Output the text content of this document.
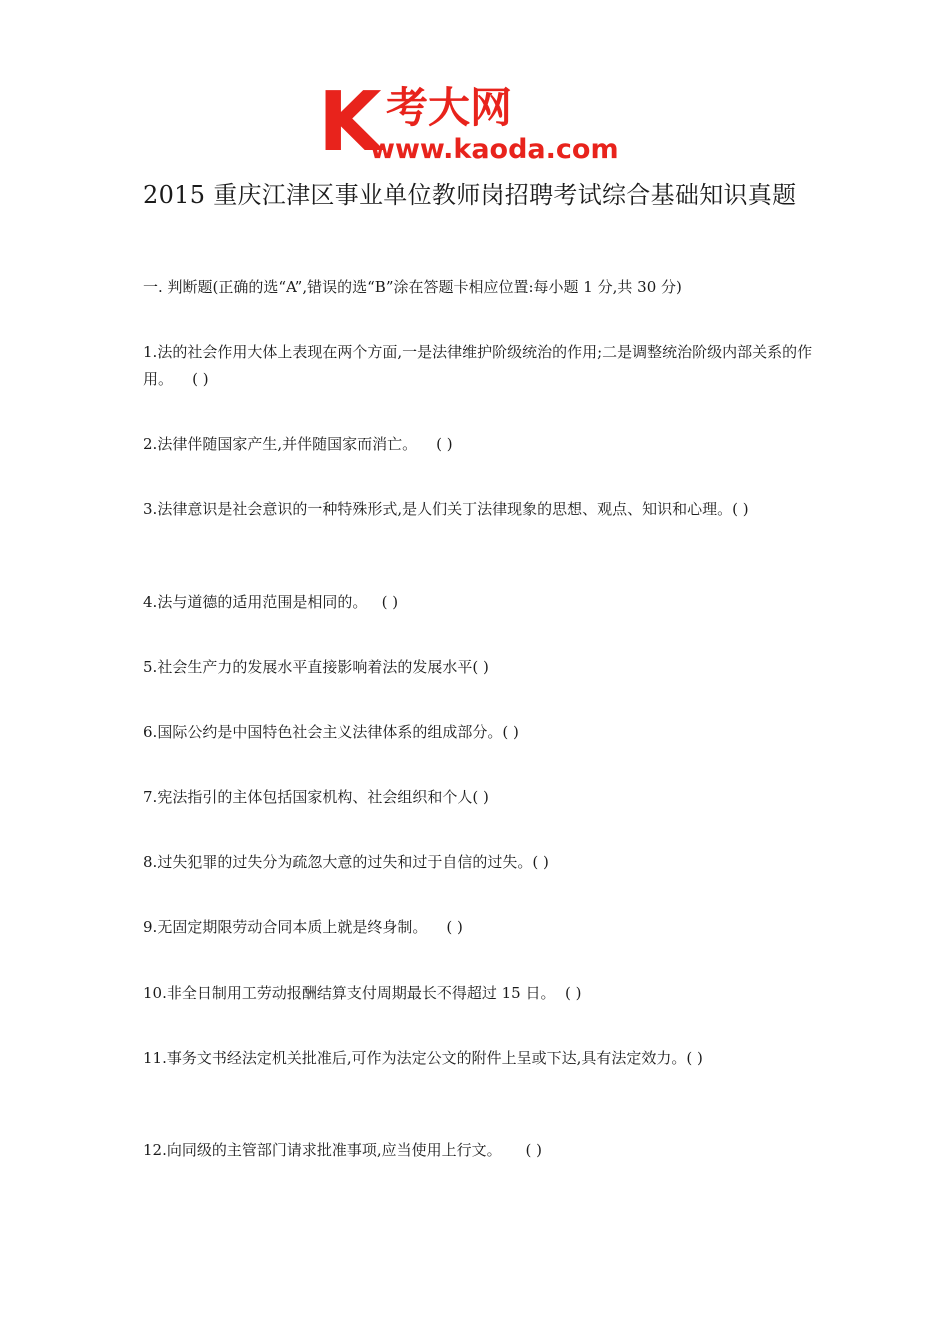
K 考大网
www.kaoda.com
2015 重庆江津区事业单位教师岗招聘考试综合基础知识真题

一. 判断题(正确的选“A”,错误的选“B”涂在答题卡相应位置:每小题 1 分,共 30 分)

1.法的社会作用大体上表现在两个方面,一是法律维护阶级统治的作用;二是调整统治阶级内部关系的作用。    ( )

2.法律伴随国家产生,并伴随国家而消亡。    ( )

3.法律意识是社会意识的一种特殊形式,是人们关丁法律现象的思想、观点、知识和心理。( )

4.法与道德的适用范围是相同的。   ( )

5.社会生产力的发展水平直接影响着法的发展水平( )

6.国际公约是中国特色社会主义法律体系的组成部分。( )

7.宪法指引的主体包括国家机构、社会组织和个人( )

8.过失犯罪的过失分为疏忽大意的过失和过于自信的过失。( )

9.无固定期限劳动合同本质上就是终身制。    ( )

10.非全日制用工劳动报酬结算支付周期最长不得超过 15 日。  ( )

11.事务文书经法定机关批准后,可作为法定公文的附件上呈或下达,具有法定效力。( )

12.向同级的主管部门请求批准事项,应当使用上行文。     ( )
